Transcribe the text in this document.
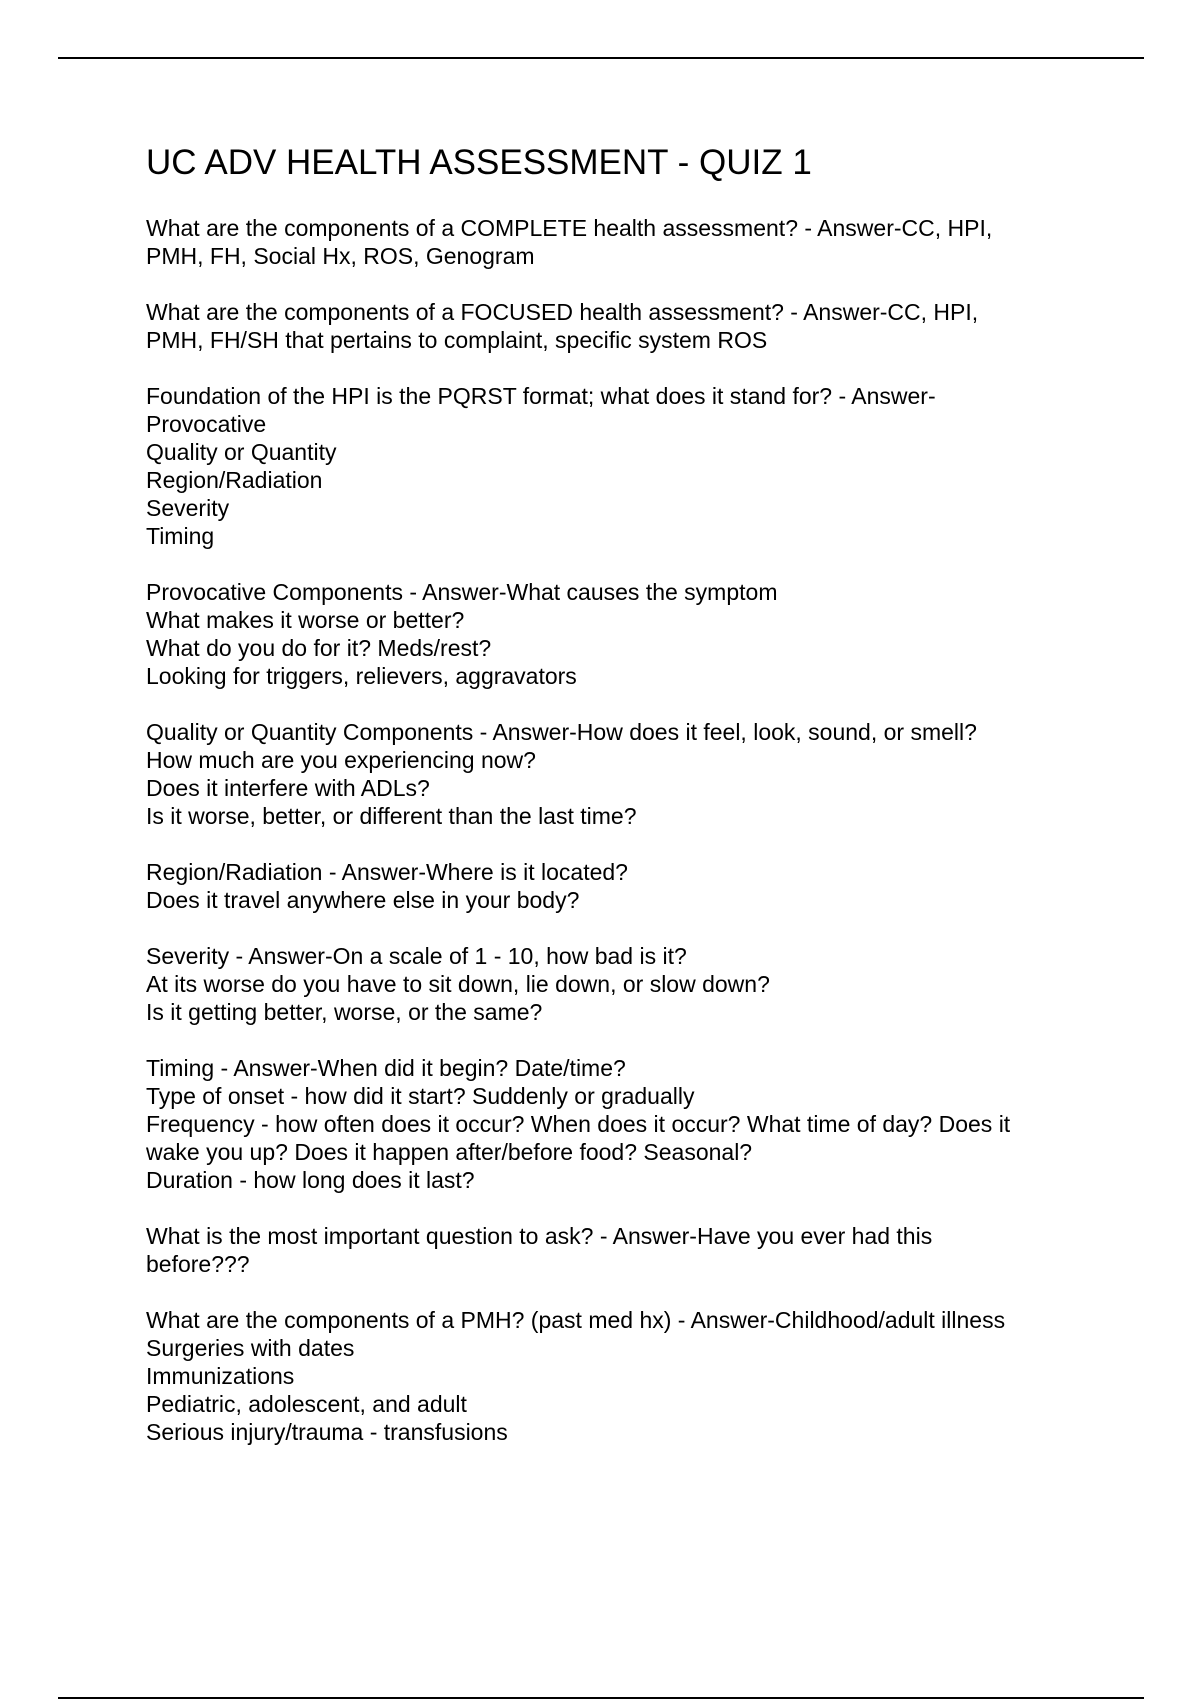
UC ADV HEALTH ASSESSMENT - QUIZ 1
What are the components of a COMPLETE health assessment? - Answer-CC, HPI,
PMH, FH, Social Hx, ROS, Genogram
What are the components of a FOCUSED health assessment? - Answer-CC, HPI,
PMH, FH/SH that pertains to complaint, specific system ROS
Foundation of the HPI is the PQRST format; what does it stand for? - Answer-
Provocative
Quality or Quantity
Region/Radiation
Severity
Timing
Provocative Components - Answer-What causes the symptom
What makes it worse or better?
What do you do for it? Meds/rest?
Looking for triggers, relievers, aggravators
Quality or Quantity Components - Answer-How does it feel, look, sound, or smell?
How much are you experiencing now?
Does it interfere with ADLs?
Is it worse, better, or different than the last time?
Region/Radiation - Answer-Where is it located?
Does it travel anywhere else in your body?
Severity - Answer-On a scale of 1 - 10, how bad is it?
At its worse do you have to sit down, lie down, or slow down?
Is it getting better, worse, or the same?
Timing - Answer-When did it begin? Date/time?
Type of onset - how did it start? Suddenly or gradually
Frequency - how often does it occur? When does it occur? What time of day? Does it
wake you up? Does it happen after/before food? Seasonal?
Duration - how long does it last?
What is the most important question to ask? - Answer-Have you ever had this
before???
What are the components of a PMH? (past med hx) - Answer-Childhood/adult illness
Surgeries with dates
Immunizations
Pediatric, adolescent, and adult
Serious injury/trauma - transfusions
